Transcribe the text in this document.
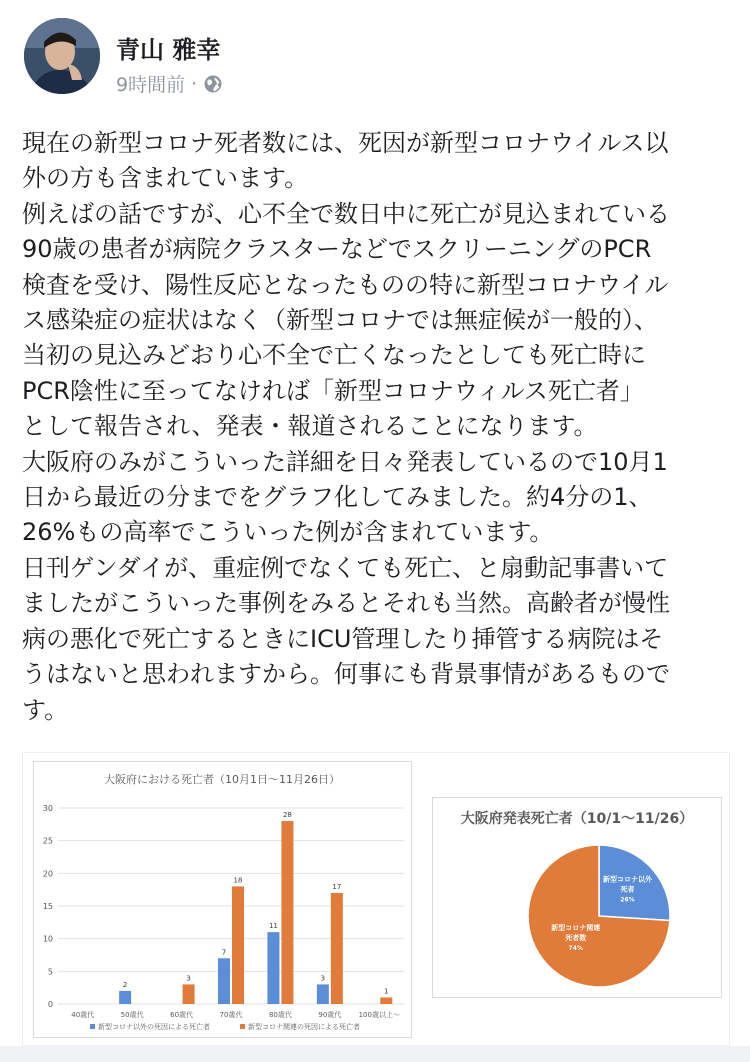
青山 雅幸
9時間前 ·
現在の新型コロナ死者数には、死因が新型コロナウイルス以
外の方も含まれています。
例えばの話ですが、心不全で数日中に死亡が見込まれている
90歳の患者が病院クラスターなどでスクリーニングのPCR
検査を受け、陽性反応となったものの特に新型コロナウイル
ス感染症の症状はなく（新型コロナでは無症候が一般的）、
当初の見込みどおり心不全で亡くなったとしても死亡時に
PCR陰性に至ってなければ「新型コロナウィルス死亡者」
として報告され、発表・報道されることになります。
大阪府のみがこういった詳細を日々発表しているので10月1
日から最近の分までをグラフ化してみました。約4分の1、
26%もの高率でこういった例が含まれています。
日刊ゲンダイが、重症例でなくても死亡、と扇動記事書いて
ましたがこういった事例をみるとそれも当然。高齢者が慢性
病の悪化で死亡するときにICU管理したり挿管する病院はそ
うはないと思われますから。何事にも背景事情があるもので
す。
大阪府における死亡者（10月1日～11月26日）
0
5
10
15
20
25
30
2
3
7
18
11
28
3
17
1
40歳代	50歳代	60歳代	70歳代	80歳代	90歳代 100歳以上～
新型コロナ以外の死因による死亡者	新型コロナ関連の死因による死亡者
大阪府発表死亡者（10/1～11/26）
新型コロナ以外
死者
26%
新型コロナ関連
死者数
74%
